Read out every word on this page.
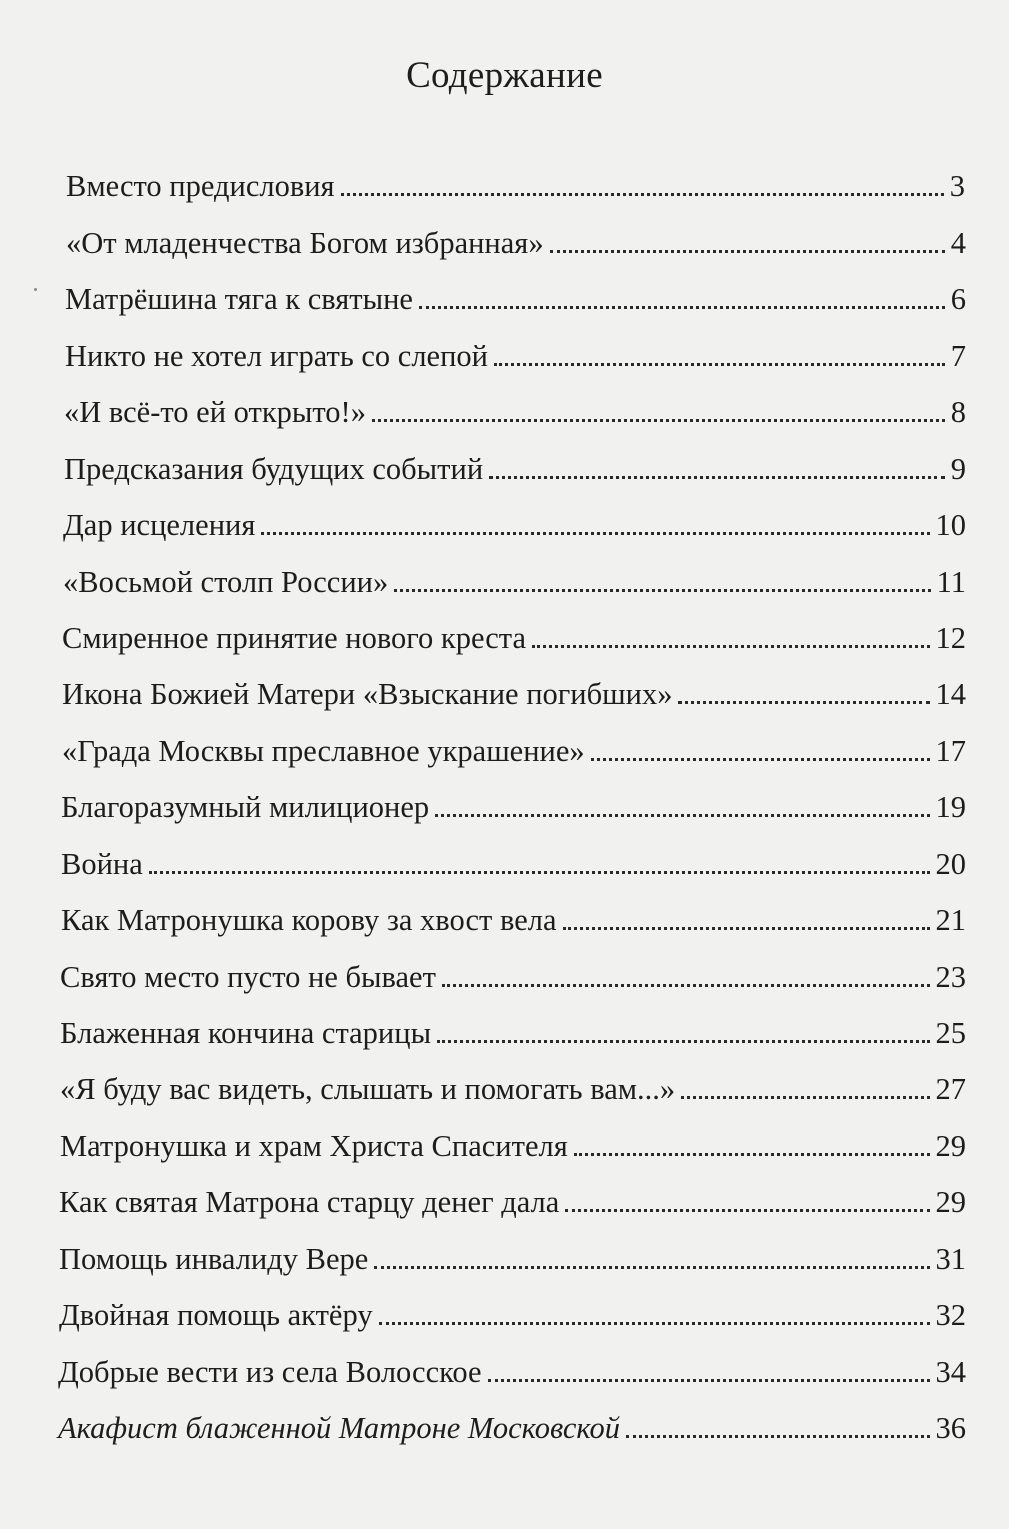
Содержание
Вместо предисловия	3
«От младенчества Богом избранная»	4
Матрёшина тяга к святыне	6
Никто не хотел играть со слепой	7
«И всё-то ей открыто!»	8
Предсказания будущих событий	9
Дар исцеления	10
«Восьмой столп России»	11
Смиренное принятие нового креста	12
Икона Божией Матери «Взыскание погибших»	14
«Града Москвы преславное украшение»	17
Благоразумный милиционер	19
Война	20
Как Матронушка корову за хвост вела	21
Свято место пусто не бывает	23
Блаженная кончина старицы	25
«Я буду вас видеть, слышать и помогать вам...»	27
Матронушка и храм Христа Спасителя	29
Как святая Матрона старцу денег дала	29
Помощь инвалиду Вере	31
Двойная помощь актёру	32
Добрые вести из села Волосское	34
Акафист блаженной Матроне Московской	36
